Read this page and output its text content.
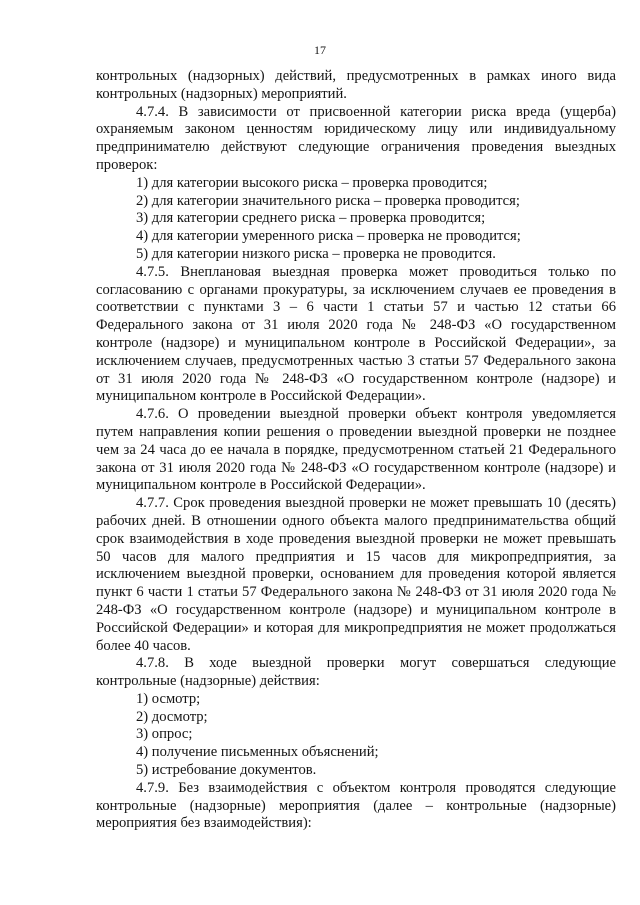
17

контрольных (надзорных) действий, предусмотренных в рамках иного вида контрольных (надзорных) мероприятий.

4.7.4. В зависимости от присвоенной категории риска вреда (ущерба) охраняемым законом ценностям юридическому лицу или индивидуальному предпринимателю действуют следующие ограничения проведения выездных проверок:

1) для категории высокого риска – проверка проводится;

2) для категории значительного риска – проверка проводится;

3) для категории среднего риска – проверка проводится;

4) для категории умеренного риска – проверка не проводится;

5) для категории низкого риска – проверка не проводится.

4.7.5. Внеплановая выездная проверка может проводиться только по согласованию с органами прокуратуры, за исключением случаев ее проведения в соответствии с пунктами 3 – 6 части 1 статьи 57 и частью 12 статьи 66 Федерального закона от 31 июля 2020 года № 248-ФЗ «О государственном контроле (надзоре) и муниципальном контроле в Российской Федерации», за исключением случаев, предусмотренных частью 3 статьи 57 Федерального закона от 31 июля 2020 года № 248-ФЗ «О государственном контроле (надзоре) и муниципальном контроле в Российской Федерации».

4.7.6. О проведении выездной проверки объект контроля уведомляется путем направления копии решения о проведении выездной проверки не позднее чем за 24 часа до ее начала в порядке, предусмотренном статьей 21 Федерального закона от 31 июля 2020 года № 248-ФЗ «О государственном контроле (надзоре) и муниципальном контроле в Российской Федерации».

4.7.7. Срок проведения выездной проверки не может превышать 10 (десять) рабочих дней. В отношении одного объекта малого предпринимательства общий срок взаимодействия в ходе проведения выездной проверки не может превышать 50 часов для малого предприятия и 15 часов для микропредприятия, за исключением выездной проверки, основанием для проведения которой является пункт 6 части 1 статьи 57 Федерального закона № 248-ФЗ от 31 июля 2020 года № 248-ФЗ «О государственном контроле (надзоре) и муниципальном контроле в Российской Федерации» и которая для микропредприятия не может продолжаться более 40 часов.

4.7.8. В ходе выездной проверки могут совершаться следующие контрольные (надзорные) действия:

1) осмотр;

2) досмотр;

3) опрос;

4) получение письменных объяснений;

5) истребование документов.

4.7.9. Без взаимодействия с объектом контроля проводятся следующие контрольные (надзорные) мероприятия (далее – контрольные (надзорные) мероприятия без взаимодействия):
